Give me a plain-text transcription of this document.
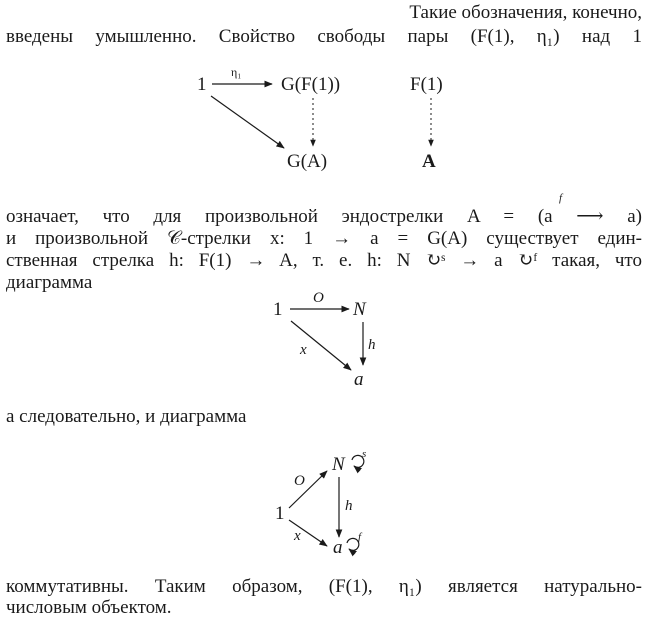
Такие обозначения, конечно,
введены умышленно. Свойство свободы пары (F(1), η₁) над 1
1
η₁
G(F(1))	F(1)
G(A)	A
1
O
N
h
x
a
N s
1
O
h
x
a f
f
означает, что для произвольной эндострелки A = (a ⟶ a)
и произвольной 𝒞-стрелки x: 1 → a = G(A) существует един-
ственная стрелка h: F(1) → A, т. е. h: N ↻ˢ → a ↻ᶠ такая, что
диаграмма
а следовательно, и диаграмма
коммутативны. Таким образом, (F(1), η₁) является натурально-
числовым объектом.
